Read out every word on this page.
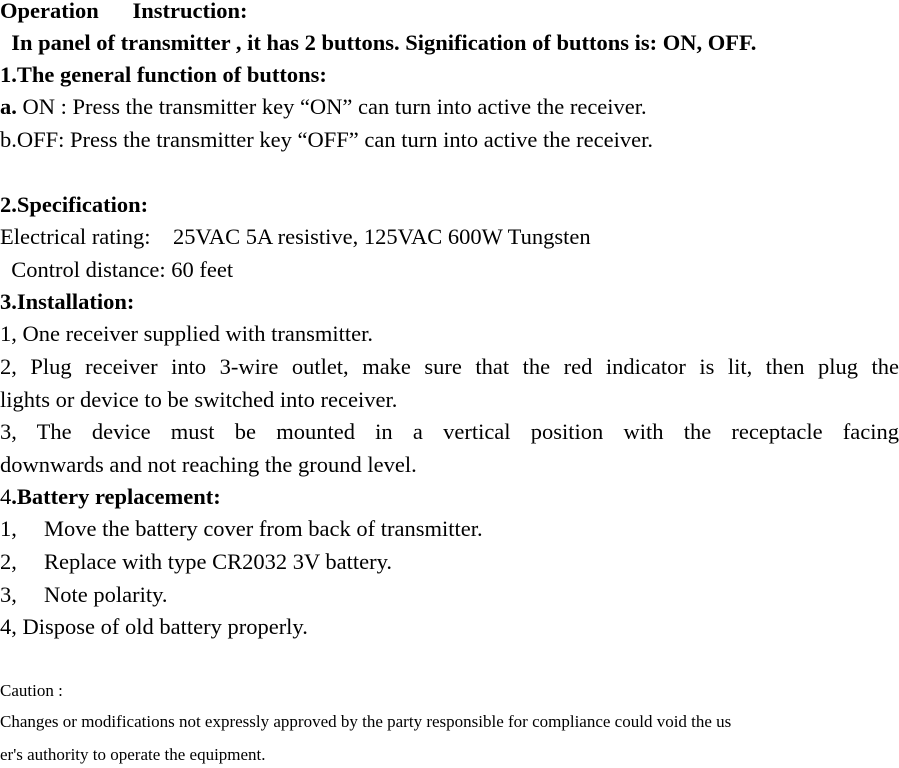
Operation      Instruction:
In panel of transmitter , it has 2 buttons. Signification of buttons is: ON, OFF.
1.The general function of buttons:
a. ON : Press the transmitter key “ON” can turn into active the receiver.
b.OFF: Press the transmitter key “OFF” can turn into active the receiver.
2.Specification:
Electrical rating:    25VAC 5A resistive, 125VAC 600W Tungsten
Control distance: 60 feet
3.Installation:
1, One receiver supplied with transmitter.
2, Plug receiver into 3-wire outlet, make sure that the red indicator is lit, then plug the
lights or device to be switched into receiver.
3, The device must be mounted in a vertical position with the receptacle facing
downwards and not reaching the ground level.
4.Battery replacement:
1, Move the battery cover from back of transmitter.
2, Replace with type CR2032 3V battery.
3, Note polarity.
4, Dispose of old battery properly.
Caution :
Changes or modifications not expressly approved by the party responsible for compliance could void the us
er's authority to operate the equipment.
